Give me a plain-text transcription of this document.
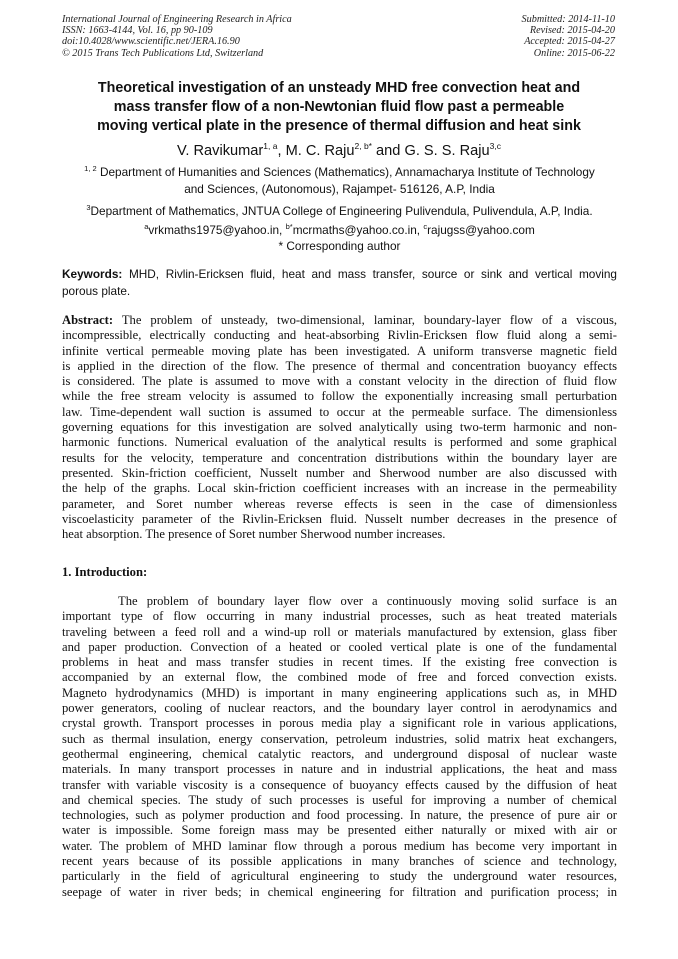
International Journal of Engineering Research in Africa
ISSN: 1663-4144, Vol. 16, pp 90-109
doi:10.4028/www.scientific.net/JERA.16.90
© 2015 Trans Tech Publications Ltd, Switzerland
Submitted: 2014-11-10
Revised: 2015-04-20
Accepted: 2015-04-27
Online: 2015-06-22
Theoretical investigation of an unsteady MHD free convection heat and
mass transfer flow of a non-Newtonian fluid flow past a permeable
moving vertical plate in the presence of thermal diffusion and heat sink
V. Ravikumar$^{1, a}$, M. C. Raju$^{2, b*}$ and G. S. S. Raju$^{3,c}$
$^{1, 2}$ Department of Humanities and Sciences (Mathematics), Annamacharya Institute of Technology
and Sciences, (Autonomous), Rajampet- 516126, A.P, India
$^3$Department of Mathematics, JNTUA College of Engineering Pulivendula, Pulivendula, A.P, India.
$^a$vrkmaths1975@yahoo.in, $^{b*}$mcrmaths@yahoo.co.in, $^c$rajugss@yahoo.com
* Corresponding author
Keywords: MHD, Rivlin-Ericksen fluid, heat and mass transfer, source or sink and vertical moving
porous plate.
Abstract: The problem of unsteady, two-dimensional, laminar, boundary-layer flow of a viscous,
incompressible, electrically conducting and heat-absorbing Rivlin-Ericksen flow fluid along a semi-
infinite vertical permeable moving plate has been investigated. A uniform transverse magnetic field
is applied in the direction of the flow. The presence of thermal and concentration buoyancy effects
is considered. The plate is assumed to move with a constant velocity in the direction of fluid flow
while the free stream velocity is assumed to follow the exponentially increasing small perturbation
law. Time-dependent wall suction is assumed to occur at the permeable surface. The dimensionless
governing equations for this investigation are solved analytically using two-term harmonic and non-
harmonic functions. Numerical evaluation of the analytical results is performed and some graphical
results for the velocity, temperature and concentration distributions within the boundary layer are
presented. Skin-friction coefficient, Nusselt number and Sherwood number are also discussed with
the help of the graphs. Local skin-friction coefficient increases with an increase in the permeability
parameter, and Soret number whereas reverse effects is seen in the case of dimensionless
viscoelasticity parameter of the Rivlin-Ericksen fluid. Nusselt number decreases in the presence of
heat absorption. The presence of Soret number Sherwood number increases.
1. Introduction:
The problem of boundary layer flow over a continuously moving solid surface is an
important type of flow occurring in many industrial processes, such as heat treated materials
traveling between a feed roll and a wind-up roll or materials manufactured by extension, glass fiber
and paper production. Convection of a heated or cooled vertical plate is one of the fundamental
problems in heat and mass transfer studies in recent times. If the existing free convection is
accompanied by an external flow, the combined mode of free and forced convection exists.
Magneto hydrodynamics (MHD) is important in many engineering applications such as, in MHD
power generators, cooling of nuclear reactors, and the boundary layer control in aerodynamics and
crystal growth. Transport processes in porous media play a significant role in various applications,
such as thermal insulation, energy conservation, petroleum industries, solid matrix heat exchangers,
geothermal engineering, chemical catalytic reactors, and underground disposal of nuclear waste
materials. In many transport processes in nature and in industrial applications, the heat and mass
transfer with variable viscosity is a consequence of buoyancy effects caused by the diffusion of heat
and chemical species. The study of such processes is useful for improving a number of chemical
technologies, such as polymer production and food processing. In nature, the presence of pure air or
water is impossible. Some foreign mass may be presented either naturally or mixed with air or
water. The problem of MHD laminar flow through a porous medium has become very important in
recent years because of its possible applications in many branches of science and technology,
particularly in the field of agricultural engineering to study the underground water resources,
seepage of water in river beds; in chemical engineering for filtration and purification process; in
